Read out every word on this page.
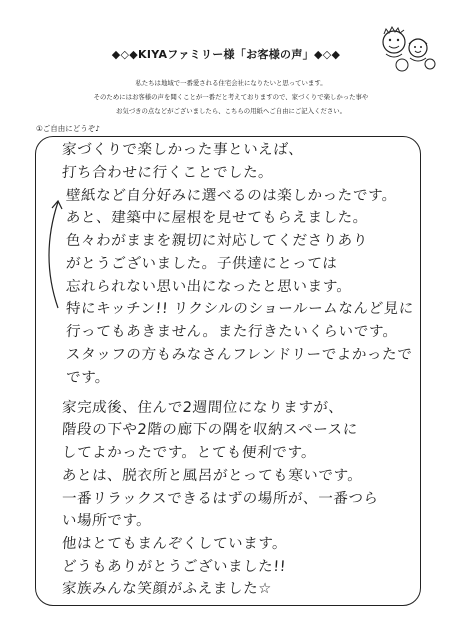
◆◇◆KIYAファミリー様「お客様の声」◆◇◆
私たちは地域で一番愛される住宅会社になりたいと思っています。
そのためにはお客様の声を聞くことが一番だと考えておりますので、家づくりで楽しかった事や
お気づきの点などがございましたら、こちらの用紙へご自由にご記入ください。
①ご自由にどうぞ♪
家づくりで楽しかった事といえば、
打ち合わせに行くことでした。
壁紙など自分好みに選べるのは楽しかったです。
あと、建築中に屋根を見せてもらえました。
色々わがままを親切に対応してくださりあり
がとうございました。子供達にとっては
忘れられない思い出になったと思います。
特にキッチン!! リクシルのショールームなんど見に
行ってもあきません。また行きたいくらいです。
スタッフの方もみなさんフレンドリーでよかったで
です。
家完成後、住んで2週間位になりますが、
階段の下や2階の廊下の隅を収納スペースに
してよかったです。とても便利です。
あとは、脱衣所と風呂がとっても寒いです。
一番リラックスできるはずの場所が、一番つら
い場所です。
他はとてもまんぞくしています。
どうもありがとうございました!!
家族みんな笑顔がふえました☆
